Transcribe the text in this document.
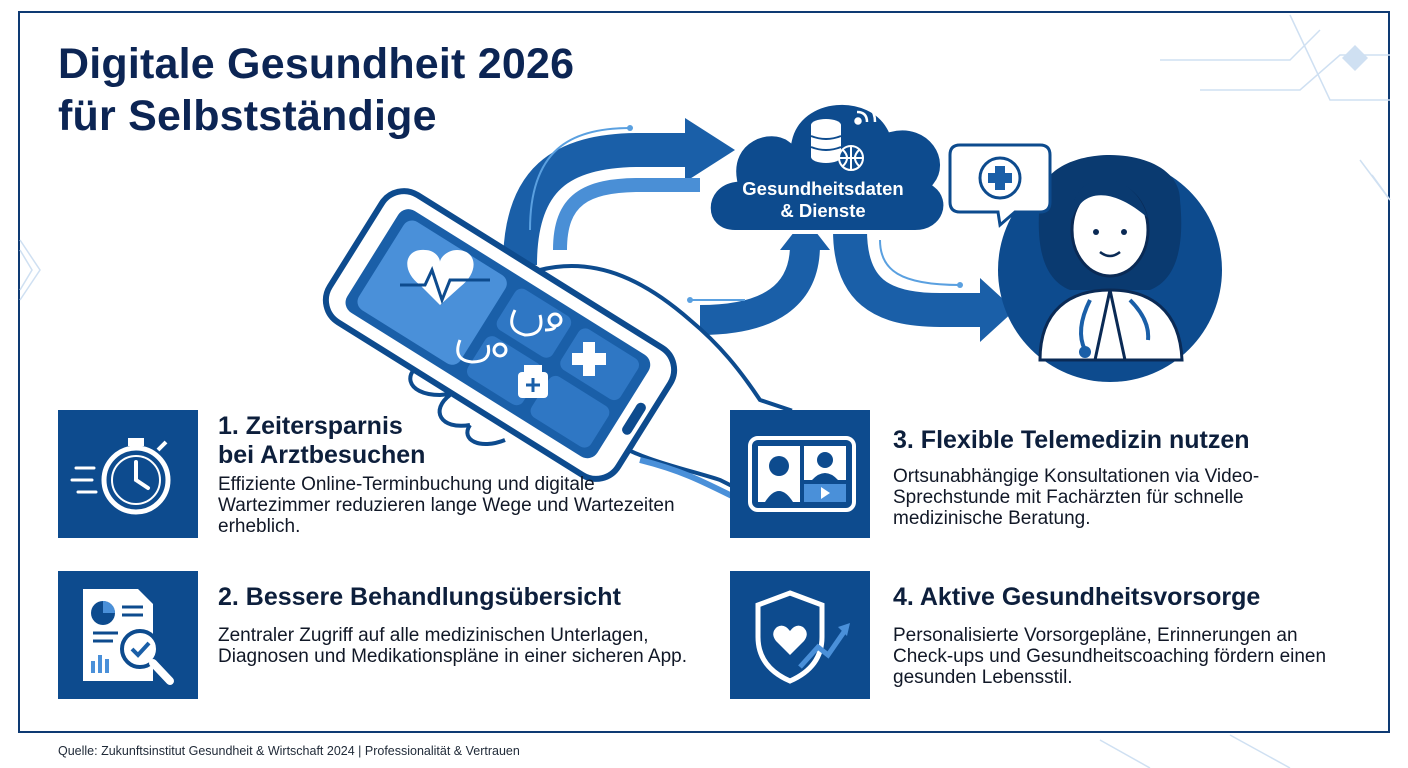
Digitale Gesundheit 2026
für Selbstständige
Gesundheitsdaten
& Dienste
1. Zeitersparnis
bei Arztbesuchen

Effiziente Online-Terminbuchung und digitale Wartezimmer reduzieren lange Wege und Wartezeiten erheblich.

2. Bessere Behandlungsübersicht

Zentraler Zugriff auf alle medizinischen Unterlagen, Diagnosen und Medikationspläne in einer sicheren App.

3. Flexible Telemedizin nutzen

Ortsunabhängige Konsultationen via Video-Sprechstunde mit Fachärzten für schnelle medizinische Beratung.

4. Aktive Gesundheitsvorsorge

Personalisierte Vorsorgepläne, Erinnerungen an Check-ups und Gesundheitscoaching fördern einen gesunden Lebensstil.

Quelle: Zukunftsinstitut Gesundheit & Wirtschaft 2024 | Professionalität & Vertrauen
